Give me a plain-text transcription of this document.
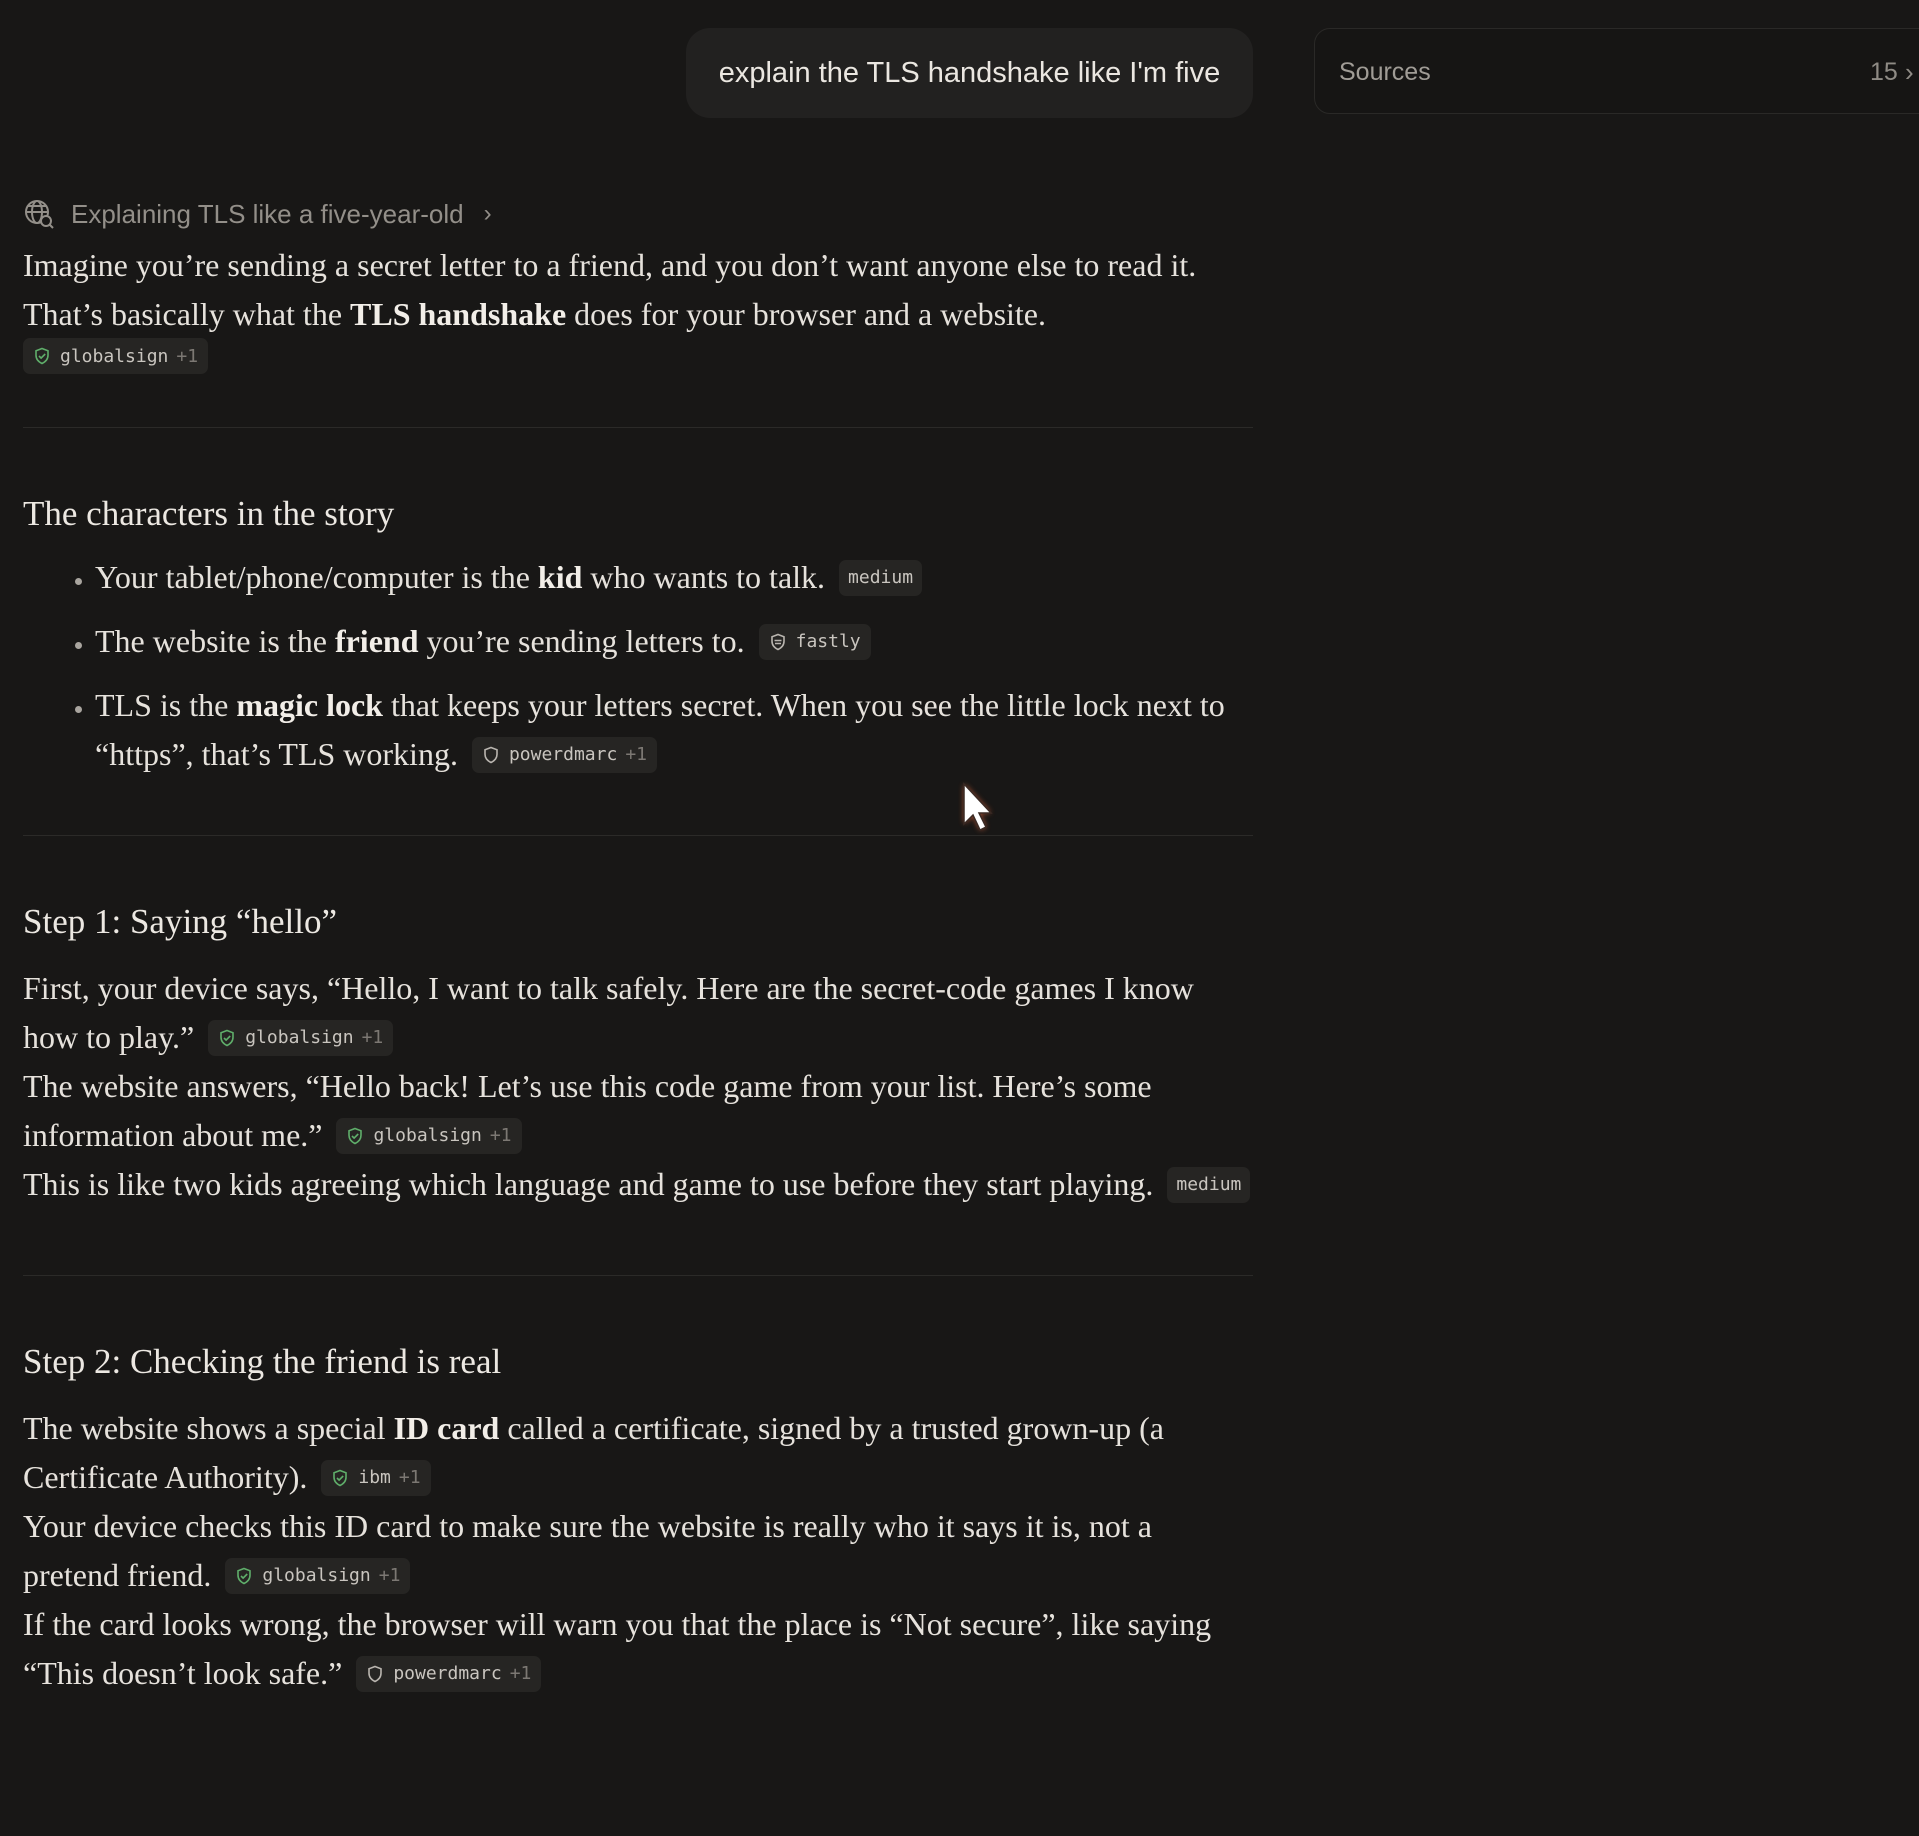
explain the TLS handshake like I'm five	Sources	15 ›
Explaining TLS like a five-year-old ›

Imagine you’re sending a secret letter to a friend, and you don’t want anyone else to read it. That’s basically what the TLS handshake does for your browser and a website.

globalsign +1
The characters in the story
• Your tablet/phone/computer is the kid who wants to talk. medium
• The website is the friend you’re sending letters to.	fastly
• TLS is the magic lock that keeps your letters secret. When you see the little lock next to “https”, that’s TLS working.	powerdmarc +1
Step 1: Saying “hello”

First, your device says, “Hello, I want to talk safely. Here are the secret-code games I know how to play.”	globalsign +1

The website answers, “Hello back! Let’s use this code game from your list. Here’s some information about me.”	globalsign +1

This is like two kids agreeing which language and game to use before they start playing. medium

Step 2: Checking the friend is real

The website shows a special ID card called a certificate, signed by a trusted grown-up (a Certificate Authority).	ibm +1

Your device checks this ID card to make sure the website is really who it says it is, not a pretend friend.	globalsign +1

If the card looks wrong, the browser will warn you that the place is “Not secure”, like saying “This doesn’t look safe.”	powerdmarc +1
